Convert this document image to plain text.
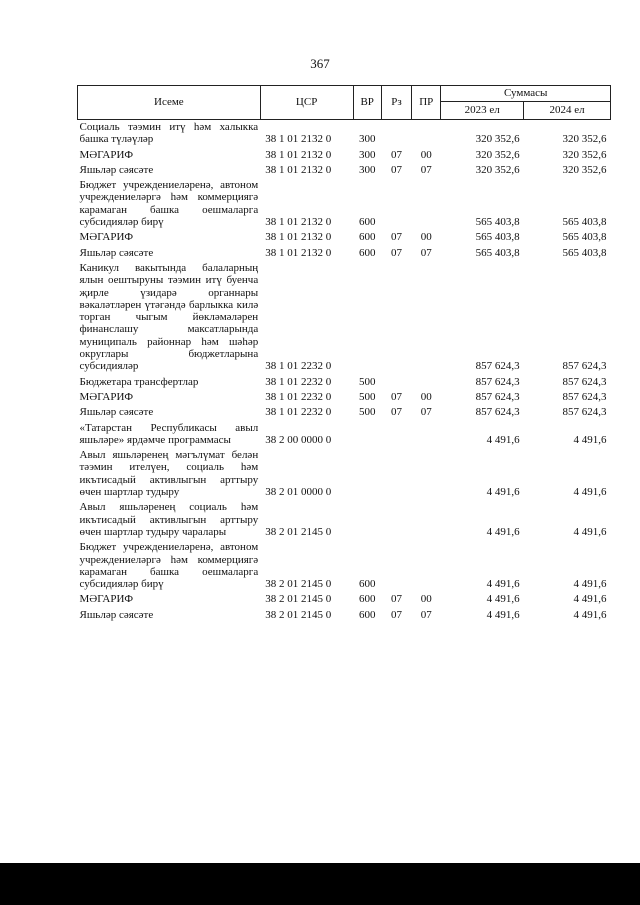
367
Исеме	ЦСР	ВР	Рз	ПР	Суммасы	
					2023 ел	2024 ел
Социаль тәэмин итү һәм халыкка башка түләүләр	38 1 01 2132 0	300			320 352,6	320 352,6
МӘГАРИФ	38 1 01 2132 0	300	07	00	320 352,6	320 352,6
Яшьләр сәясәте	38 1 01 2132 0	300	07	07	320 352,6	320 352,6
Бюджет учреждениеләренә, автоном учреждениеләргә һәм коммерциягә карамаган башка оешмаларга субсидияләр бирү	38 1 01 2132 0	600			565 403,8	565 403,8
МӘГАРИФ	38 1 01 2132 0	600	07	00	565 403,8	565 403,8
Яшьләр сәясәте	38 1 01 2132 0	600	07	07	565 403,8	565 403,8
Каникул вакытында балаларның ялын оештыруны тәэмин итү буенча җирле үзидарә органнары вәкаләтләрен үтәгәндә барлыкка килә торган чыгым йөкләмәләрен финанслашу максатларында муниципаль районнар һәм шәһәр округлары бюджетларына субсидияләр	38 1 01 2232 0				857 624,3	857 624,3
Бюджетара трансфертлар	38 1 01 2232 0	500			857 624,3	857 624,3
МӘГАРИФ	38 1 01 2232 0	500	07	00	857 624,3	857 624,3
Яшьләр сәясәте	38 1 01 2232 0	500	07	07	857 624,3	857 624,3
«Татарстан Республикасы авыл яшьләре» ярдәмче программасы	38 2 00 0000 0				4 491,6	4 491,6
Авыл яшьләренең мәгълүмат белән тәэмин ителүен, социаль һәм икътисадый активлыгын арттыру өчен шартлар тудыру	38 2 01 0000 0				4 491,6	4 491,6
Авыл яшьләренең социаль һәм икътисадый активлыгын арттыру өчен шартлар тудыру чаралары	38 2 01 2145 0				4 491,6	4 491,6
Бюджет учреждениеләренә, автоном учреждениеләргә һәм коммерциягә карамаган башка оешмаларга субсидияләр бирү	38 2 01 2145 0	600			4 491,6	4 491,6
МӘГАРИФ	38 2 01 2145 0	600	07	00	4 491,6	4 491,6
Яшьләр сәясәте	38 2 01 2145 0	600	07	07	4 491,6	4 491,6
